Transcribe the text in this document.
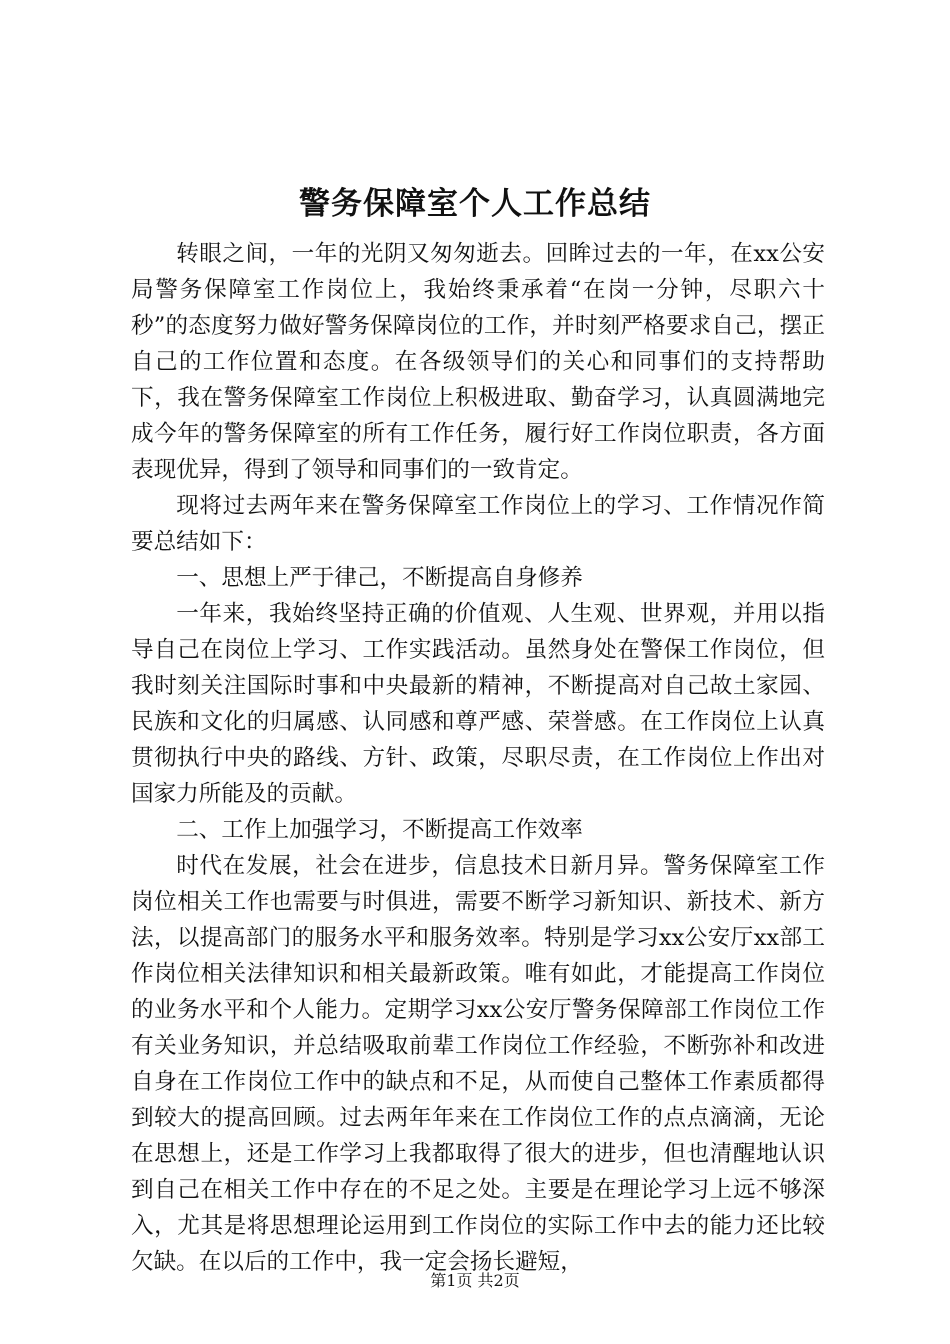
警务保障室个人工作总结

转眼之间，一年的光阴又匆匆逝去。回眸过去的一年，在xx公安局警务保障室工作岗位上，我始终秉承着“在岗一分钟，尽职六十秒”的态度努力做好警务保障岗位的工作，并时刻严格要求自己，摆正自己的工作位置和态度。在各级领导们的关心和同事们的支持帮助下，我在警务保障室工作岗位上积极进取、勤奋学习，认真圆满地完成今年的警务保障室的所有工作任务，履行好工作岗位职责，各方面表现优异，得到了领导和同事们的一致肯定。

现将过去两年来在警务保障室工作岗位上的学习、工作情况作简要总结如下：

一、思想上严于律己，不断提高自身修养

一年来，我始终坚持正确的价值观、人生观、世界观，并用以指导自己在岗位上学习、工作实践活动。虽然身处在警保工作岗位，但我时刻关注国际时事和中央最新的精神，不断提高对自己故土家园、民族和文化的归属感、认同感和尊严感、荣誉感。在工作岗位上认真贯彻执行中央的路线、方针、政策，尽职尽责，在工作岗位上作出对国家力所能及的贡献。

二、工作上加强学习，不断提高工作效率

时代在发展，社会在进步，信息技术日新月异。警务保障室工作岗位相关工作也需要与时俱进，需要不断学习新知识、新技术、新方法，以提高部门的服务水平和服务效率。特别是学习xx公安厅xx部工作岗位相关法律知识和相关最新政策。唯有如此，才能提高工作岗位的业务水平和个人能力。定期学习xx公安厅警务保障部工作岗位工作有关业务知识，并总结吸取前辈工作岗位工作经验，不断弥补和改进自身在工作岗位工作中的缺点和不足，从而使自己整体工作素质都得到较大的提高回顾。过去两年年来在工作岗位工作的点点滴滴，无论在思想上，还是工作学习上我都取得了很大的进步，但也清醒地认识到自己在相关工作中存在的不足之处。主要是在理论学习上远不够深入，尤其是将思想理论运用到工作岗位的实际工作中去的能力还比较欠缺。在以后的工作中，我一定会扬长避短，

第1页 共2页
